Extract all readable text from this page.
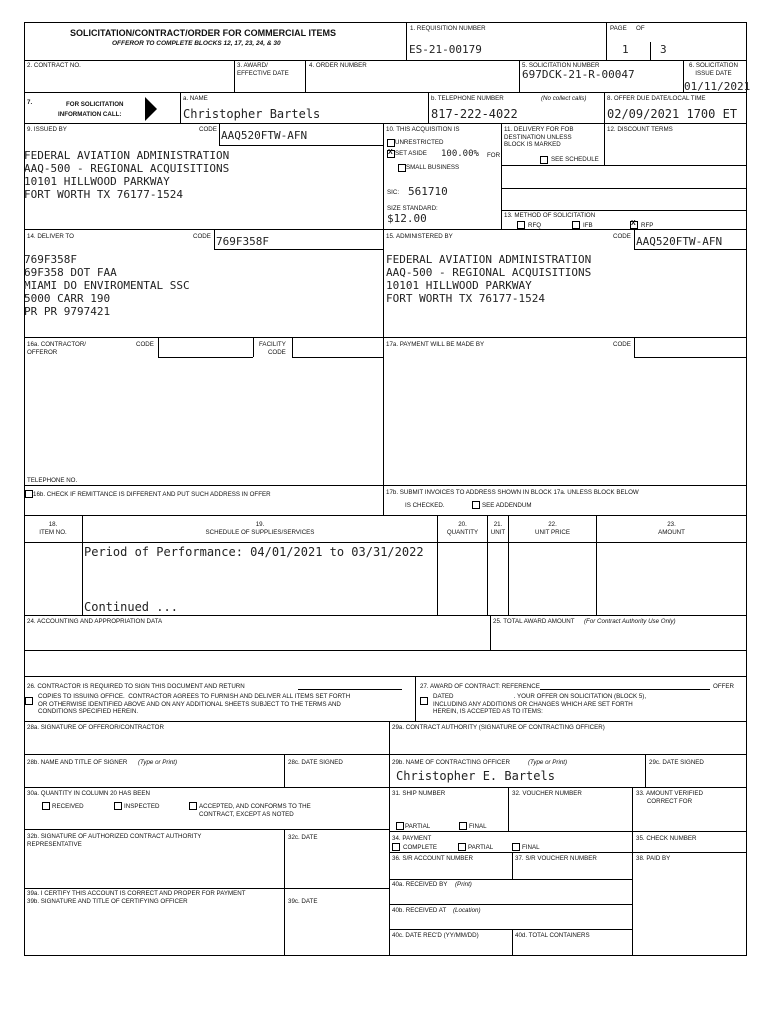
SOLICITATION/CONTRACT/ORDER FOR COMMERCIAL ITEMS
OFFEROR TO COMPLETE BLOCKS 12, 17, 23, 24, & 30
1. REQUISITION NUMBER
ES-21-00179
PAGE OF
1	3
2. CONTRACT NO.	3. AWARD/
EFFECTIVE DATE
4. ORDER NUMBER	5. SOLICITATION NUMBER
697DCK-21-R-00047
6. SOLICITATION
ISSUE DATE
01/11/2021
7.	FOR SOLICITATION
INFORMATION CALL:
a. NAME
Christopher Bartels
b. TELEPHONE NUMBER	(No collect calls)
817-222-4022
8. OFFER DUE DATE/LOCAL TIME
02/09/2021 1700 ET
9. ISSUED BY	CODE AAQ520FTW-AFN
FEDERAL AVIATION ADMINISTRATION
AAQ-500 - REGIONAL ACQUISITIONS
10101 HILLWOOD PARKWAY
FORT WORTH TX 76177-1524
10. THIS ACQUISITION IS
UNRESTRICTED
X
SET ASIDE 100.00% FOR
SMALL BUSINESS
SIC: 561710
SIZE STANDARD:
$12.00
11. DELIVERY FOR FOB
DESTINATION UNLESS
BLOCK IS MARKED
SEE SCHEDULE
12. DISCOUNT TERMS
13. METHOD OF SOLICITATION
RFQ	IFB
X	RFP
14. DELIVER TO	CODE 769F358F
769F358F
69F358 DOT FAA
MIAMI DO ENVIROMENTAL SSC
5000 CARR 190
PR PR 9797421
15. ADMINISTERED BY	CODE AAQ520FTW-AFN
FEDERAL AVIATION ADMINISTRATION
AAQ-500 - REGIONAL ACQUISITIONS
10101 HILLWOOD PARKWAY
FORT WORTH TX 76177-1524
16a. CONTRACTOR/
OFFEROR
CODE	FACILITY
CODE
TELEPHONE NO.
16b. CHECK IF REMITTANCE IS DIFFERENT AND PUT SUCH ADDRESS IN OFFER
17a. PAYMENT WILL BE MADE BY	CODE
17b. SUBMIT INVOICES TO ADDRESS SHOWN IN BLOCK 17a. UNLESS BLOCK BELOW
IS CHECKED.	SEE ADDENDUM
18.
ITEM NO.
19.
SCHEDULE OF SUPPLIES/SERVICES
20.
QUANTITY
21.
UNIT
22.
UNIT PRICE
23.
AMOUNT
Period of Performance: 04/01/2021 to 03/31/2022
Continued ...
24. ACCOUNTING AND APPROPRIATION DATA	25. TOTAL AWARD AMOUNT (For Contract Authority Use Only)
26. CONTRACTOR IS REQUIRED TO SIGN THIS DOCUMENT AND RETURN
COPIES TO ISSUING OFFICE.  CONTRACTOR AGREES TO FURNISH AND DELIVER ALL ITEMS SET FORTH
OR OTHERWISE IDENTIFIED ABOVE AND ON ANY ADDITIONAL SHEETS SUBJECT TO THE TERMS AND
CONDITIONS SPECIFIED HEREIN.
27. AWARD OF CONTRACT: REFERENCE	OFFER
DATED                                   . YOUR OFFER ON SOLICITATION (BLOCK 5),
INCLUDING ANY ADDITIONS OR CHANGES WHICH ARE SET FORTH
HEREIN, IS ACCEPTED AS TO ITEMS:
28a. SIGNATURE OF OFFEROR/CONTRACTOR	29a. CONTRACT AUTHORITY (SIGNATURE OF CONTRACTING OFFICER)
28b. NAME AND TITLE OF SIGNER (Type or Print)	28c. DATE SIGNED	29b. NAME OF CONTRACTING OFFICER	(Type or Print)
Christopher E. Bartels
29c. DATE SIGNED
30a. QUANTITY IN COLUMN 20 HAS BEEN
RECEIVED	INSPECTED	ACCEPTED, AND CONFORMS TO THE
CONTRACT, EXCEPT AS NOTED
31. SHIP NUMBER	32. VOUCHER NUMBER	33. AMOUNT VERIFIED
CORRECT FOR
PARTIAL	FINAL
32b. SIGNATURE OF AUTHORIZED CONTRACT AUTHORITY
REPRESENTATIVE
32c. DATE	34. PAYMENT
COMPLETE	PARTIAL	FINAL
35. CHECK NUMBER
36. S/R ACCOUNT NUMBER	37. S/R VOUCHER NUMBER	38. PAID BY
39a. I CERTIFY THIS ACCOUNT IS CORRECT AND PROPER FOR PAYMENT
39b. SIGNATURE AND TITLE OF CERTIFYING OFFICER	39c. DATE
40a. RECEIVED BY (Print)
40b. RECEIVED AT (Location)
40c. DATE REC'D (YY/MM/DD)	40d. TOTAL CONTAINERS
